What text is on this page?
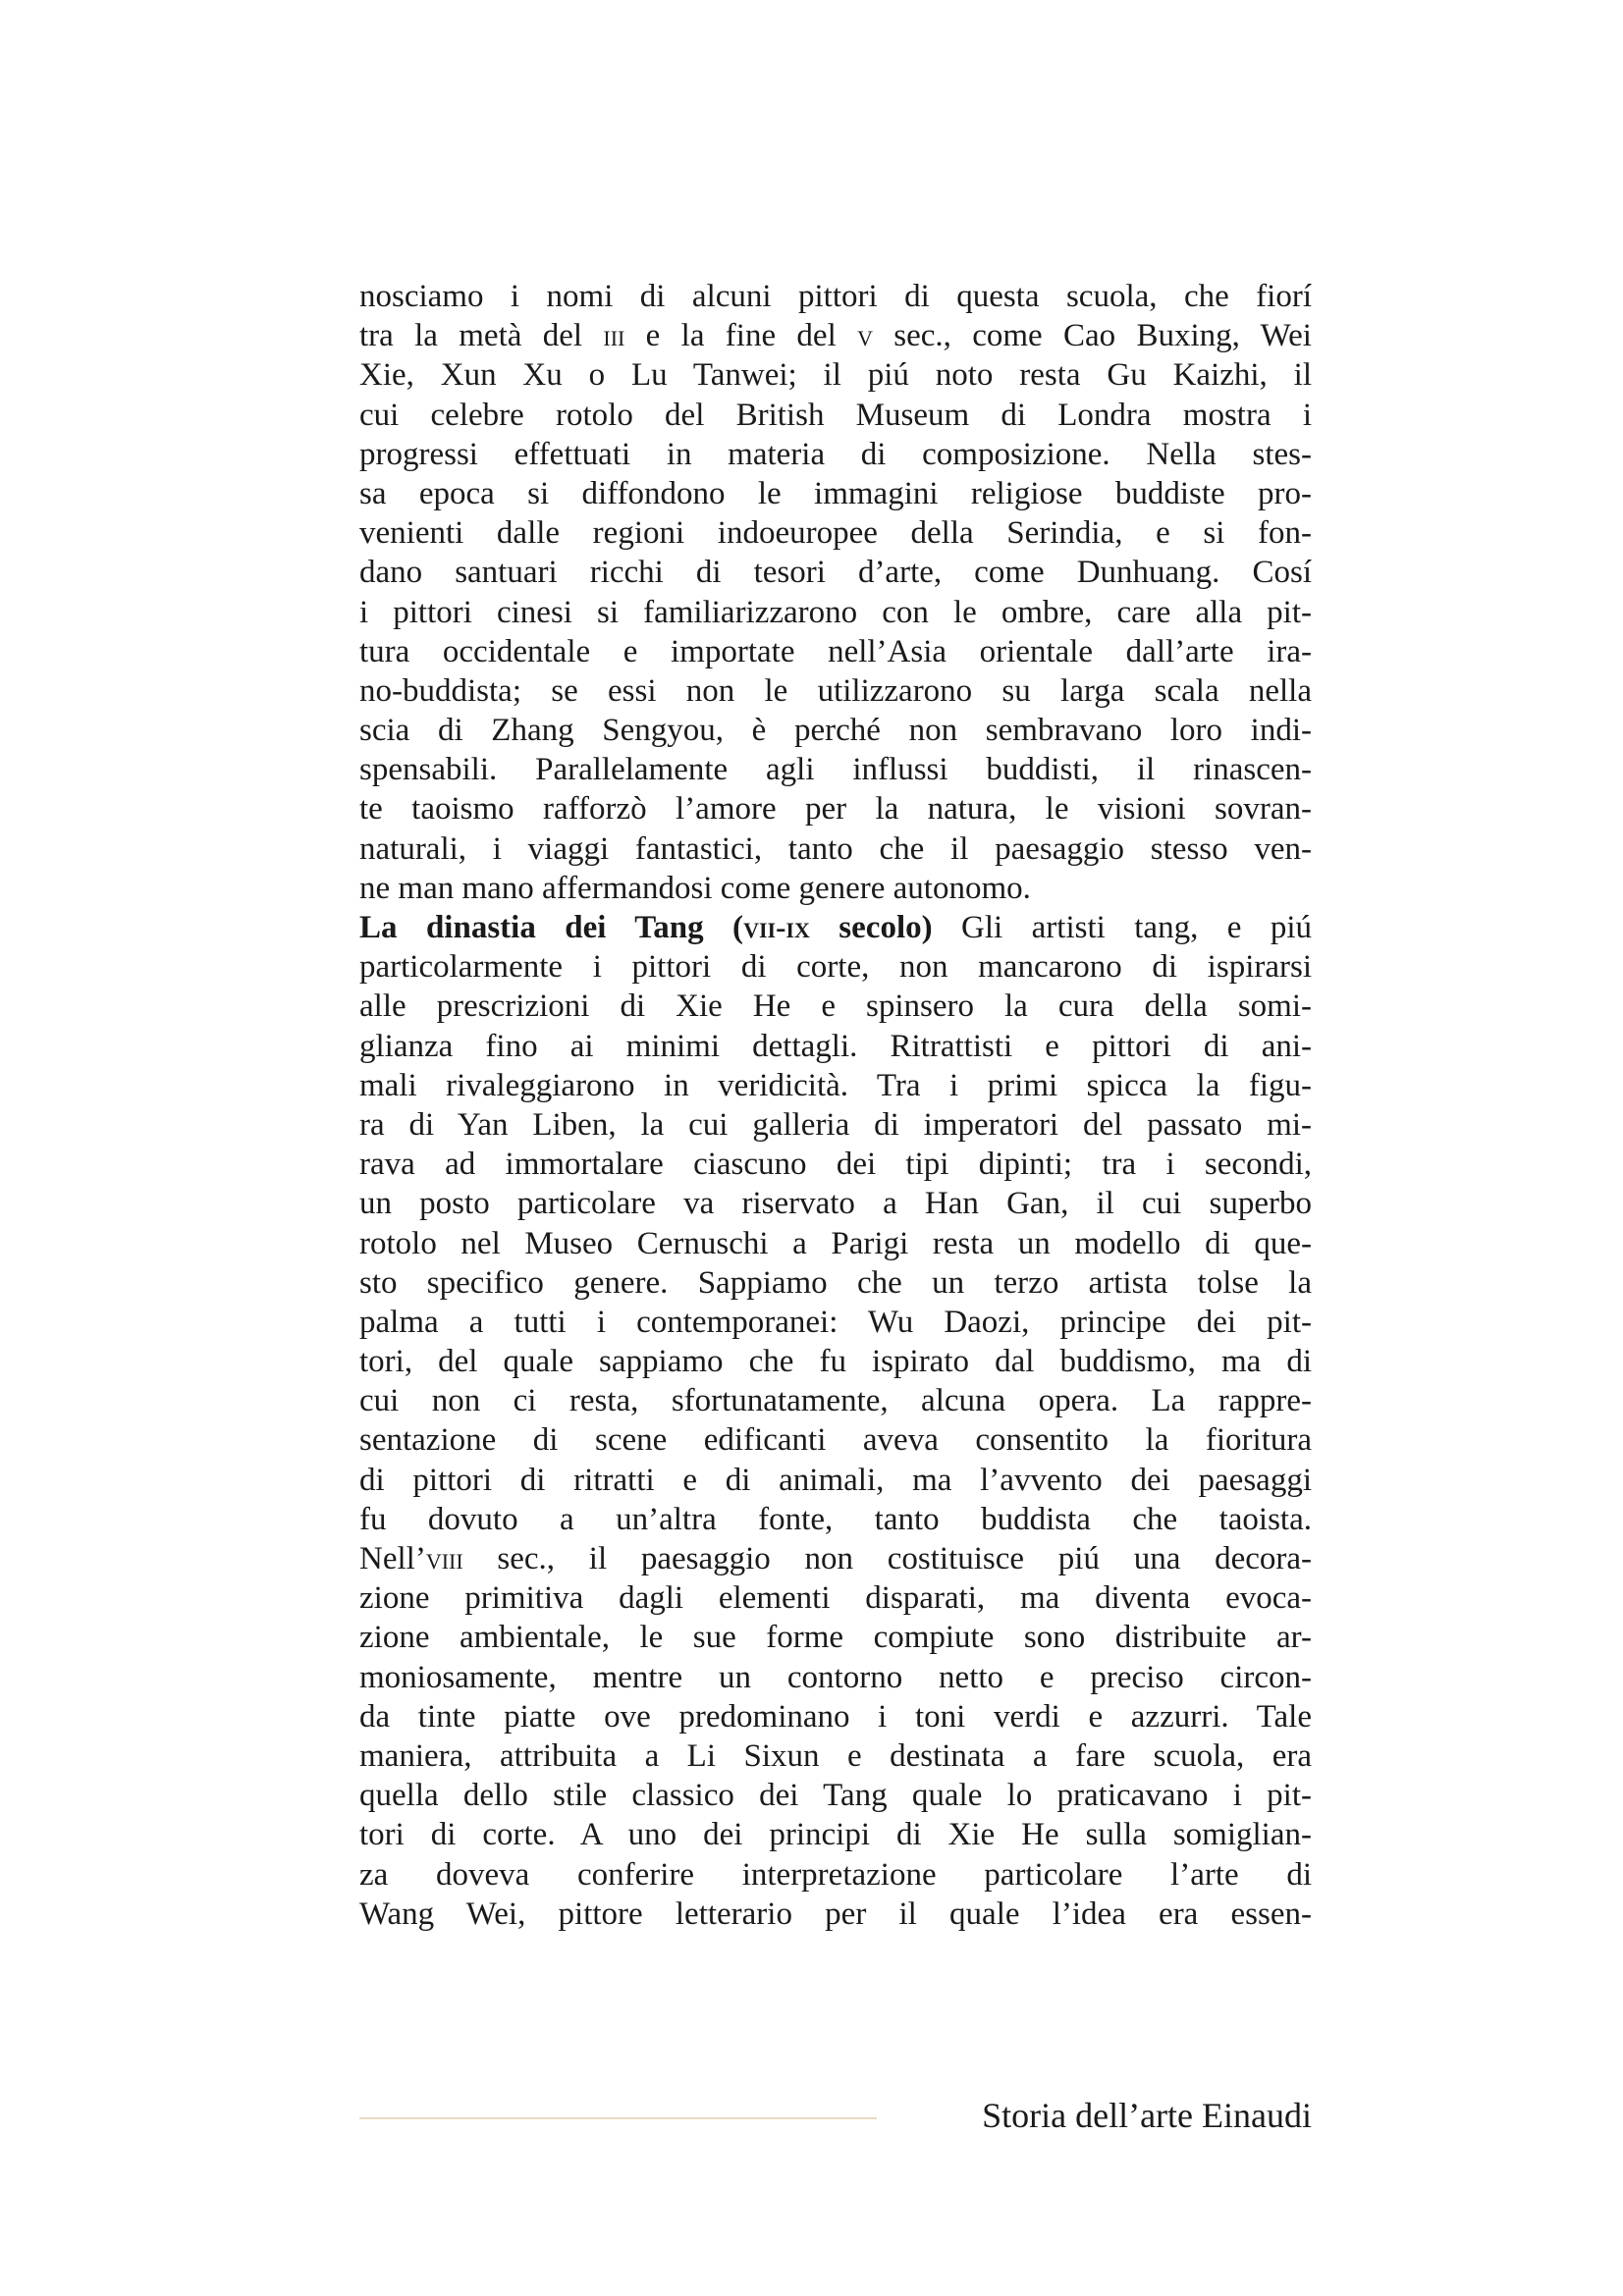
nosciamo i nomi di alcuni pittori di questa scuola, che fiorí
tra la metà del iii e la fine del v sec., come Cao Buxing, Wei
Xie, Xun Xu o Lu Tanwei; il piú noto resta Gu Kaizhi, il
cui celebre rotolo del British Museum di Londra mostra i
progressi effettuati in materia di composizione. Nella stes-
sa epoca si diffondono le immagini religiose buddiste pro-
venienti dalle regioni indoeuropee della Serindia, e si fon-
dano santuari ricchi di tesori d’arte, come Dunhuang. Cosí
i pittori cinesi si familiarizzarono con le ombre, care alla pit-
tura occidentale e importate nell’Asia orientale dall’arte ira-
no-buddista; se essi non le utilizzarono su larga scala nella
scia di Zhang Sengyou, è perché non sembravano loro indi-
spensabili. Parallelamente agli influssi buddisti, il rinascen-
te taoismo rafforzò l’amore per la natura, le visioni sovran-
naturali, i viaggi fantastici, tanto che il paesaggio stesso ven-
ne man mano affermandosi come genere autonomo.
La dinastia dei Tang (vii-ix secolo) Gli artisti tang, e piú
particolarmente i pittori di corte, non mancarono di ispirarsi
alle prescrizioni di Xie He e spinsero la cura della somi-
glianza fino ai minimi dettagli. Ritrattisti e pittori di ani-
mali rivaleggiarono in veridicità. Tra i primi spicca la figu-
ra di Yan Liben, la cui galleria di imperatori del passato mi-
rava ad immortalare ciascuno dei tipi dipinti; tra i secondi,
un posto particolare va riservato a Han Gan, il cui superbo
rotolo nel Museo Cernuschi a Parigi resta un modello di que-
sto specifico genere. Sappiamo che un terzo artista tolse la
palma a tutti i contemporanei: Wu Daozi, principe dei pit-
tori, del quale sappiamo che fu ispirato dal buddismo, ma di
cui non ci resta, sfortunatamente, alcuna opera. La rappre-
sentazione di scene edificanti aveva consentito la fioritura
di pittori di ritratti e di animali, ma l’avvento dei paesaggi
fu dovuto a un’altra fonte, tanto buddista che taoista.
Nell’viii sec., il paesaggio non costituisce piú una decora-
zione primitiva dagli elementi disparati, ma diventa evoca-
zione ambientale, le sue forme compiute sono distribuite ar-
moniosamente, mentre un contorno netto e preciso circon-
da tinte piatte ove predominano i toni verdi e azzurri. Tale
maniera, attribuita a Li Sixun e destinata a fare scuola, era
quella dello stile classico dei Tang quale lo praticavano i pit-
tori di corte. A uno dei principi di Xie He sulla somiglian-
za doveva conferire interpretazione particolare l’arte di
Wang Wei, pittore letterario per il quale l’idea era essen-
Storia dell’arte Einaudi
